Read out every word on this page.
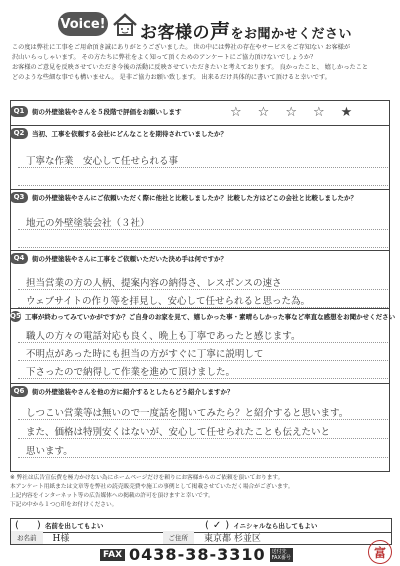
Voice! お客様の声をお聞かせください

この度は弊社に工事をご用命頂き誠にありがとうございました。 世の中には弊社の存在やサービスをご存知ない お客様が

沢山いらっしゃいます。 その方たちに弊社をよく知って頂くためのアンケートにご協力頂けないでしょうか？

お客様のご意見を反映させていただき今後の活動に反映させていただきたいと考えております。 良かったこと、 嬉しかったこと

どのような些細な事でも構いません。 是非ご協力お願い致します。 出来るだけ具体的に書いて頂けると幸いです。

Q1	街の外壁塗装やさんを５段階で評価をお願いします	☆ ☆ ☆ ☆ ★
Q2	当初、工事を依頼する会社にどんなことを期待されていましたか？
丁寧な作業　安心して任せられる事
Q3	街の外壁塗装やさんにご依頼いただく際に他社と比較しましたか？比較した方はどこの会社と比較しましたか？
地元の外壁塗装会社（３社）
Q4	街の外壁塗装やさんに工事をご依頼いただいた決め手は何ですか？
担当営業の方の人柄、提案内容の納得さ、レスポンスの速さ
ウェブサイトの作り等を拝見し、安心して任せられると思った為。
Q5 工事が終わってみていかがですか？ご自身のお家を見て、嬉しかった事・素晴らしかった事など率直な感想をお聞かせください
職人の方々の電話対応も良く、晩上も丁寧であったと感じます。
不明点があった時にも担当の方がすぐに丁寧に説明して
下さったので納得して作業を進めて頂けました。
Q6	街の外壁塗装やさんを他の方に紹介するとしたらどう紹介しますか？
しつこい営業等は無いので一度話を聞いてみたら？と紹介すると思います。
また、価格は特別安くはないが、安心して任せられたことも伝えたいと
思います。

※ 弊社は広告宣伝費を極力かけない為にホームページだけを頼りにお客様からのご依頼を頂いております。

本アンケート用紙または文章等を弊社の読売販売費や施工の事例として掲載させていただく場合がございます。

上記内容をインターネット等の広告媒体への掲載の許可を頂けますと幸いです。

下記の中から１つ○印をお付けください。

( ) 名前を出してもよい	( ✓ ) イニシャルなら出してもよい
お名前	H様	ご住所	東京都 杉並区
FAX 0438-38-3310	送付先
FAX番号	富
